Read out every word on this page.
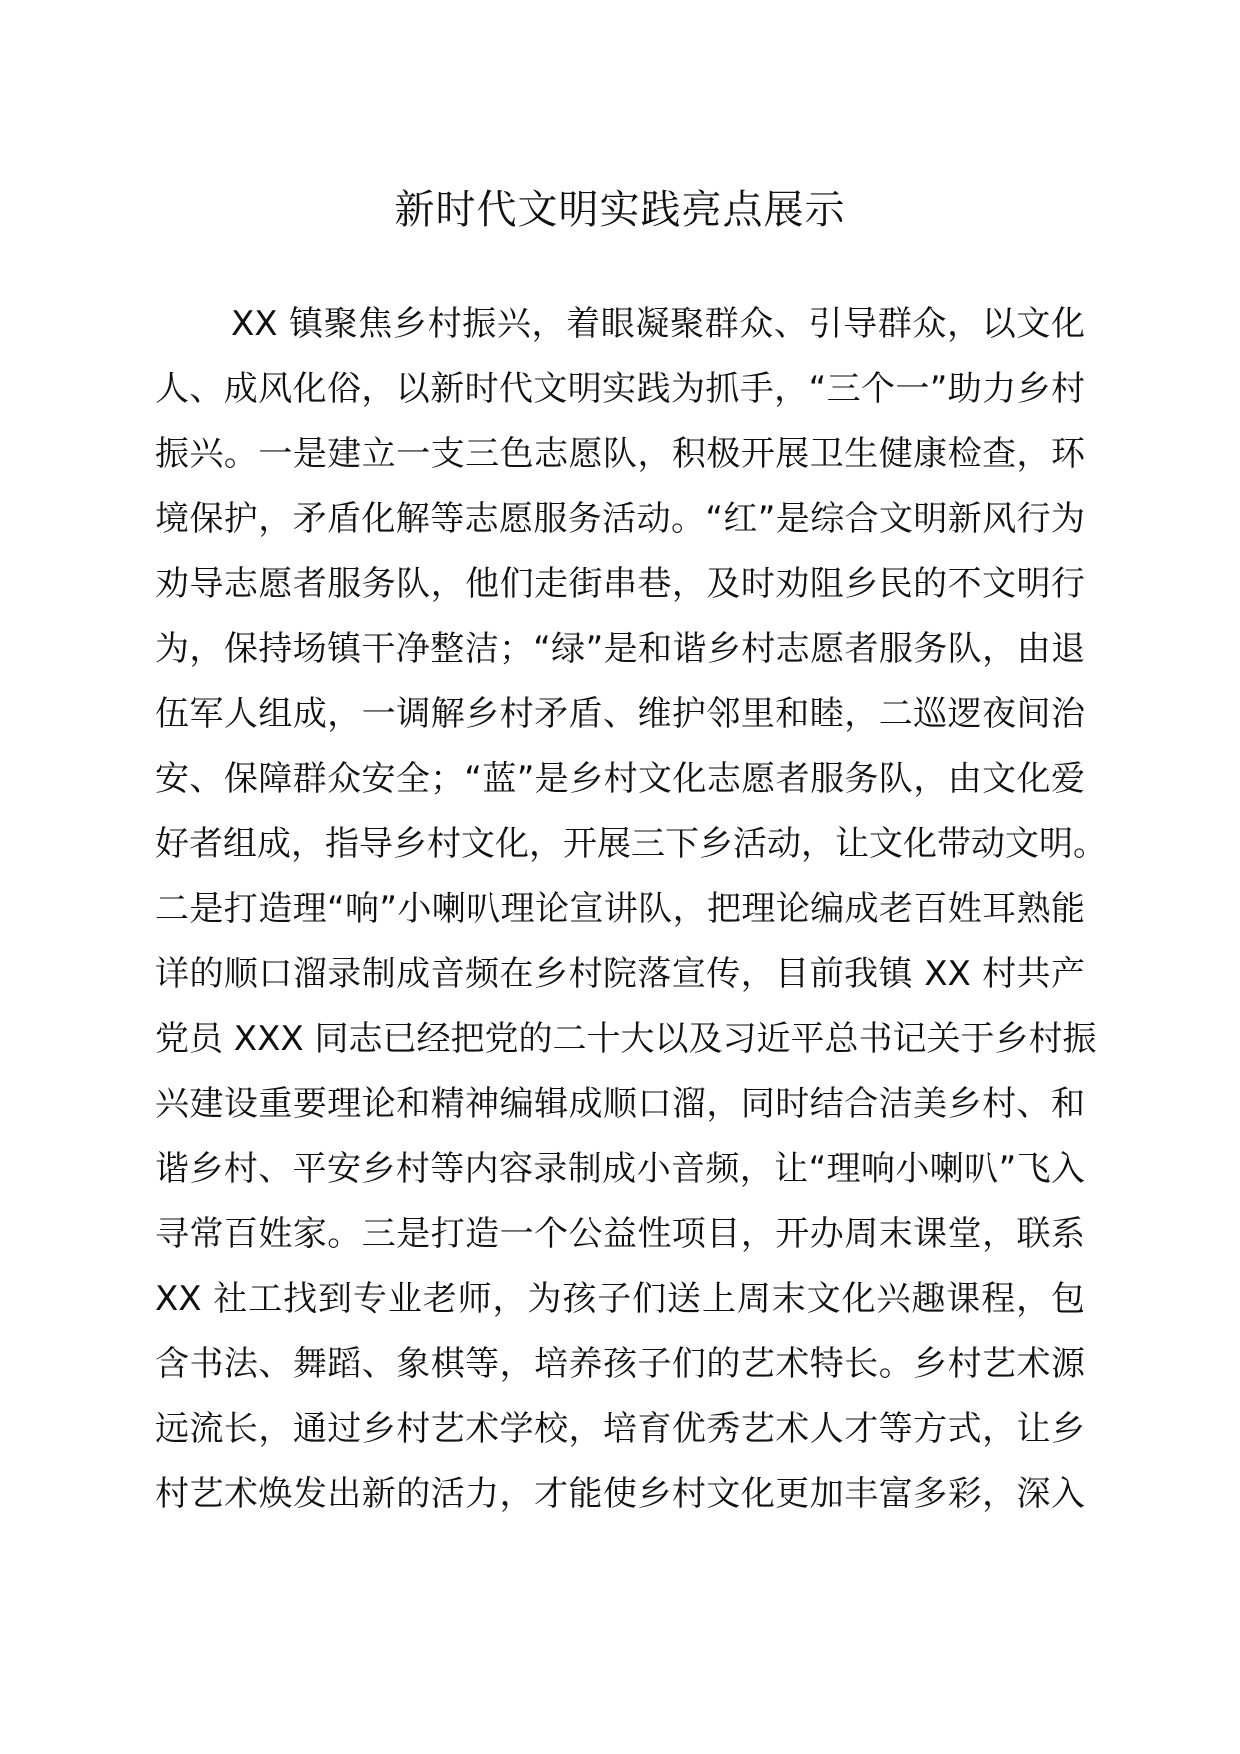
新时代文明实践亮点展示
XX 镇聚焦乡村振兴，着眼凝聚群众、引导群众，以文化
人、成风化俗，以新时代文明实践为抓手，“三个一”助力乡村
振兴。一是建立一支三色志愿队，积极开展卫生健康检查，环
境保护，矛盾化解等志愿服务活动。“红”是综合文明新风行为
劝导志愿者服务队，他们走街串巷，及时劝阻乡民的不文明行
为，保持场镇干净整洁；“绿”是和谐乡村志愿者服务队，由退
伍军人组成，一调解乡村矛盾、维护邻里和睦，二巡逻夜间治
安、保障群众安全；“蓝”是乡村文化志愿者服务队，由文化爱
好者组成，指导乡村文化，开展三下乡活动，让文化带动文明。
二是打造理“响”小喇叭理论宣讲队，把理论编成老百姓耳熟能
详的顺口溜录制成音频在乡村院落宣传，目前我镇 XX 村共产
党员 XXX 同志已经把党的二十大以及习近平总书记关于乡村振
兴建设重要理论和精神编辑成顺口溜，同时结合洁美乡村、和
谐乡村、平安乡村等内容录制成小音频，让“理响小喇叭”飞入
寻常百姓家。三是打造一个公益性项目，开办周末课堂，联系
XX 社工找到专业老师，为孩子们送上周末文化兴趣课程，包
含书法、舞蹈、象棋等，培养孩子们的艺术特长。乡村艺术源
远流长，通过乡村艺术学校，培育优秀艺术人才等方式，让乡
村艺术焕发出新的活力，才能使乡村文化更加丰富多彩，深入
